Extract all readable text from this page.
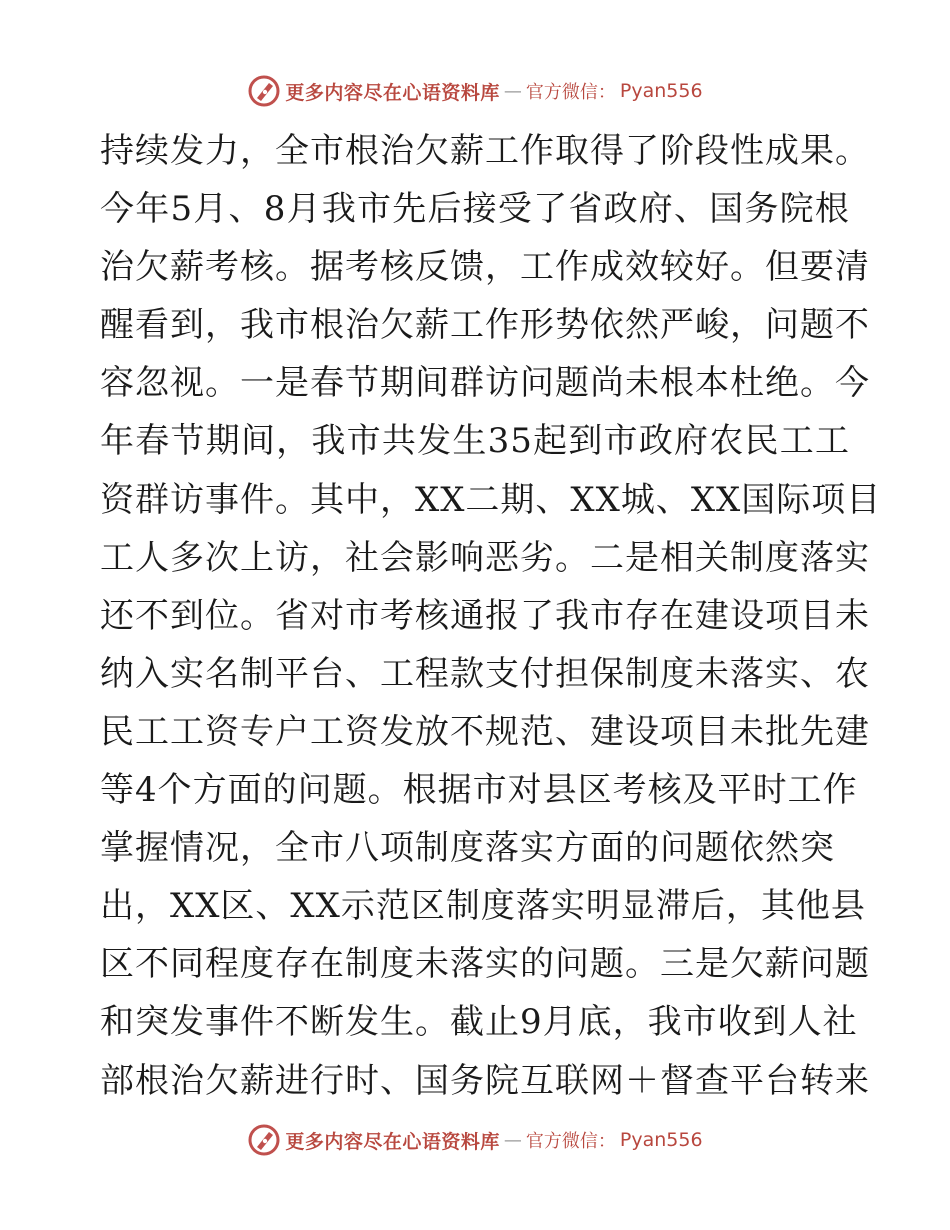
更多内容尽在心语资料库 — 官方微信： Pyan556
持 续 发 力 ， 全 市 根 治 欠 薪 工 作 取 得 了 阶 段 性 成 果 。
今 年 5 月 、 8 月 我 市 先 后 接 受 了 省 政 府 、 国 务 院 根
治 欠 薪 考 核 。 据 考 核 反 馈 ， 工 作 成 效 较 好 。 但 要 清
醒 看 到 ， 我 市 根 治 欠 薪 工 作 形 势 依 然 严 峻 ， 问 题 不
容 忽 视 。 一 是 春 节 期 间 群 访 问 题 尚 未 根 本 杜 绝 。 今
年 春 节 期 间 ， 我 市 共 发 生 35 起 到 市 政 府 农 民 工 工
资 群 访 事 件 。 其 中 ， XX 二 期 、 XX 城 、 XX 国 际 项 目
工 人 多 次 上 访 ， 社 会 影 响 恶 劣 。 二 是 相 关 制 度 落 实
还 不 到 位 。 省 对 市 考 核 通 报 了 我 市 存 在 建 设 项 目 未
纳 入 实 名 制 平 台 、 工 程 款 支 付 担 保 制 度 未 落 实 、 农
民 工 工 资 专 户 工 资 发 放 不 规 范 、 建 设 项 目 未 批 先 建
等 4 个 方 面 的 问 题 。 根 据 市 对 县 区 考 核 及 平 时 工 作
掌握情况，全市八项制度落实方面的问题依然突
出 ， XX 区 、 XX 示 范 区 制 度 落 实 明 显 滞 后 ， 其 他 县
区 不 同 程 度 存 在 制 度 未 落 实 的 问 题 。 三 是 欠 薪 问 题
和 突 发 事 件 不 断 发 生 。 截 止 9 月 底 ， 我 市 收 到 人 社
部 根 治 欠 薪 进 行 时 、 国 务 院 互 联 网 ＋ 督 查 平 台 转 来
更多内容尽在心语资料库 — 官方微信： Pyan556
